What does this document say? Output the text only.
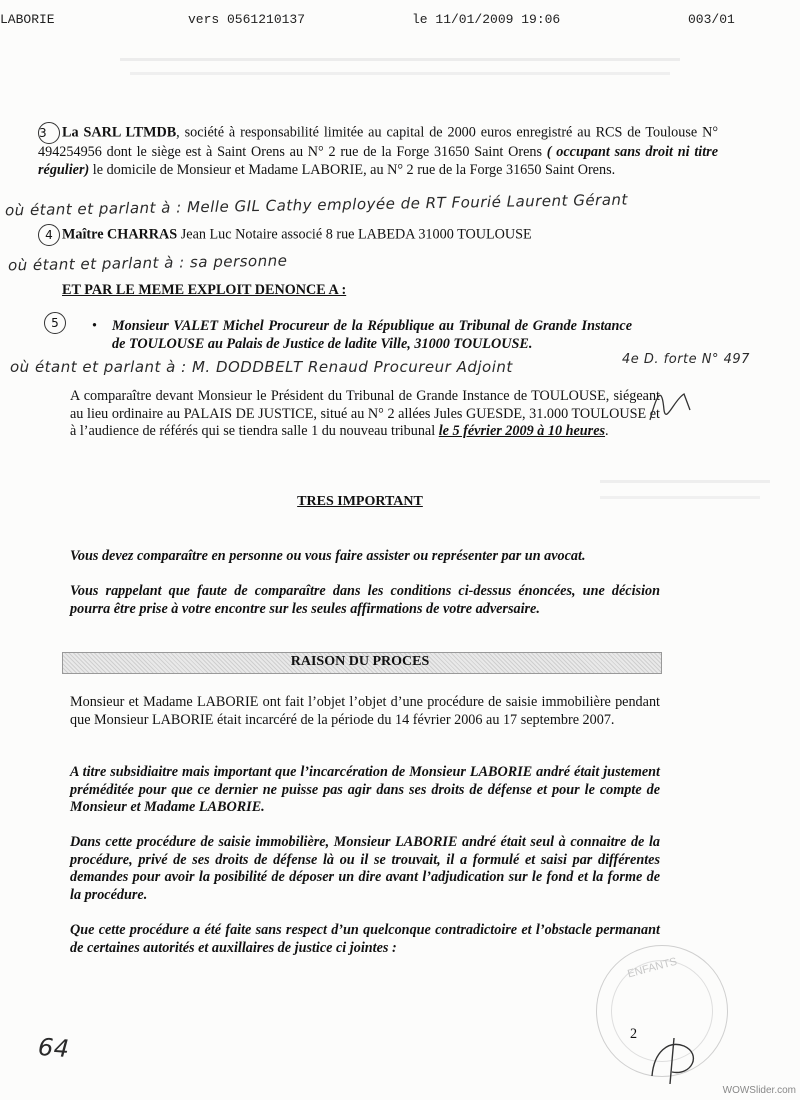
LABORIE	vers 0561210137	le 11/01/2009 19:06	003/01
3 La SARL LTMDB, société à responsabilité limitée au capital de 2000 euros enregistré au RCS de Toulouse N° 494254956 dont le siège est à Saint Orens au N° 2 rue de la Forge 31650 Saint Orens ( occupant sans droit ni titre régulier) le domicile de Monsieur et Madame LABORIE, au N° 2 rue de la Forge 31650 Saint Orens.
où étant et parlant à : Melle GIL Cathy employée de RT Fourié Laurent Gérant
4 Maître CHARRAS Jean Luc Notaire associé 8 rue LABEDA 31000 TOULOUSE
où étant et parlant à : sa personne
ET PAR LE MEME EXPLOIT DENONCE A :
5	•	Monsieur VALET Michel Procureur de la République au Tribunal de Grande Instance de TOULOUSE au Palais de Justice de ladite Ville, 31000 TOULOUSE.
où étant et parlant à : M. DODDBELT Renaud Procureur Adjoint	4e D. forte N° 497
A comparaître devant Monsieur le Président du Tribunal de Grande Instance de TOULOUSE, siégeant au lieu ordinaire au PALAIS DE JUSTICE, situé au N° 2 allées Jules GUESDE, 31.000 TOULOUSE et à l’audience de référés qui se tiendra salle 1 du nouveau tribunal le 5 février 2009 à 10 heures.
TRES IMPORTANT
Vous devez comparaître en personne ou vous faire assister ou représenter par un avocat.
Vous rappelant que faute de comparaître dans les conditions ci-dessus énoncées, une décision pourra être prise à votre encontre sur les seules affirmations de votre adversaire.
RAISON DU PROCES
Monsieur et Madame LABORIE ont fait l’objet l’objet d’une procédure de saisie immobilière pendant que Monsieur LABORIE était incarcéré de la période du 14 février 2006 au 17 septembre 2007.
A titre subsidiaitre mais important que l’incarcération de Monsieur LABORIE andré était justement préméditée pour que ce dernier ne puisse pas agir dans ses droits de défense et pour le compte de Monsieur et Madame LABORIE.
Dans cette procédure de saisie immobilière, Monsieur LABORIE andré était seul à connaitre de la procédure, privé de ses droits de défense là ou il se trouvait, il a formulé et saisi par différentes demandes pour avoir la posibilité de déposer un dire avant l’adjudication sur le fond et la forme de la procédure.
Que cette procédure a été faite sans respect d’un quelconque contradictoire et l’obstacle permanant de certaines autorités et auxillaires de justice ci jointes :
ENFANTS
2
64
WOWSlider.com
